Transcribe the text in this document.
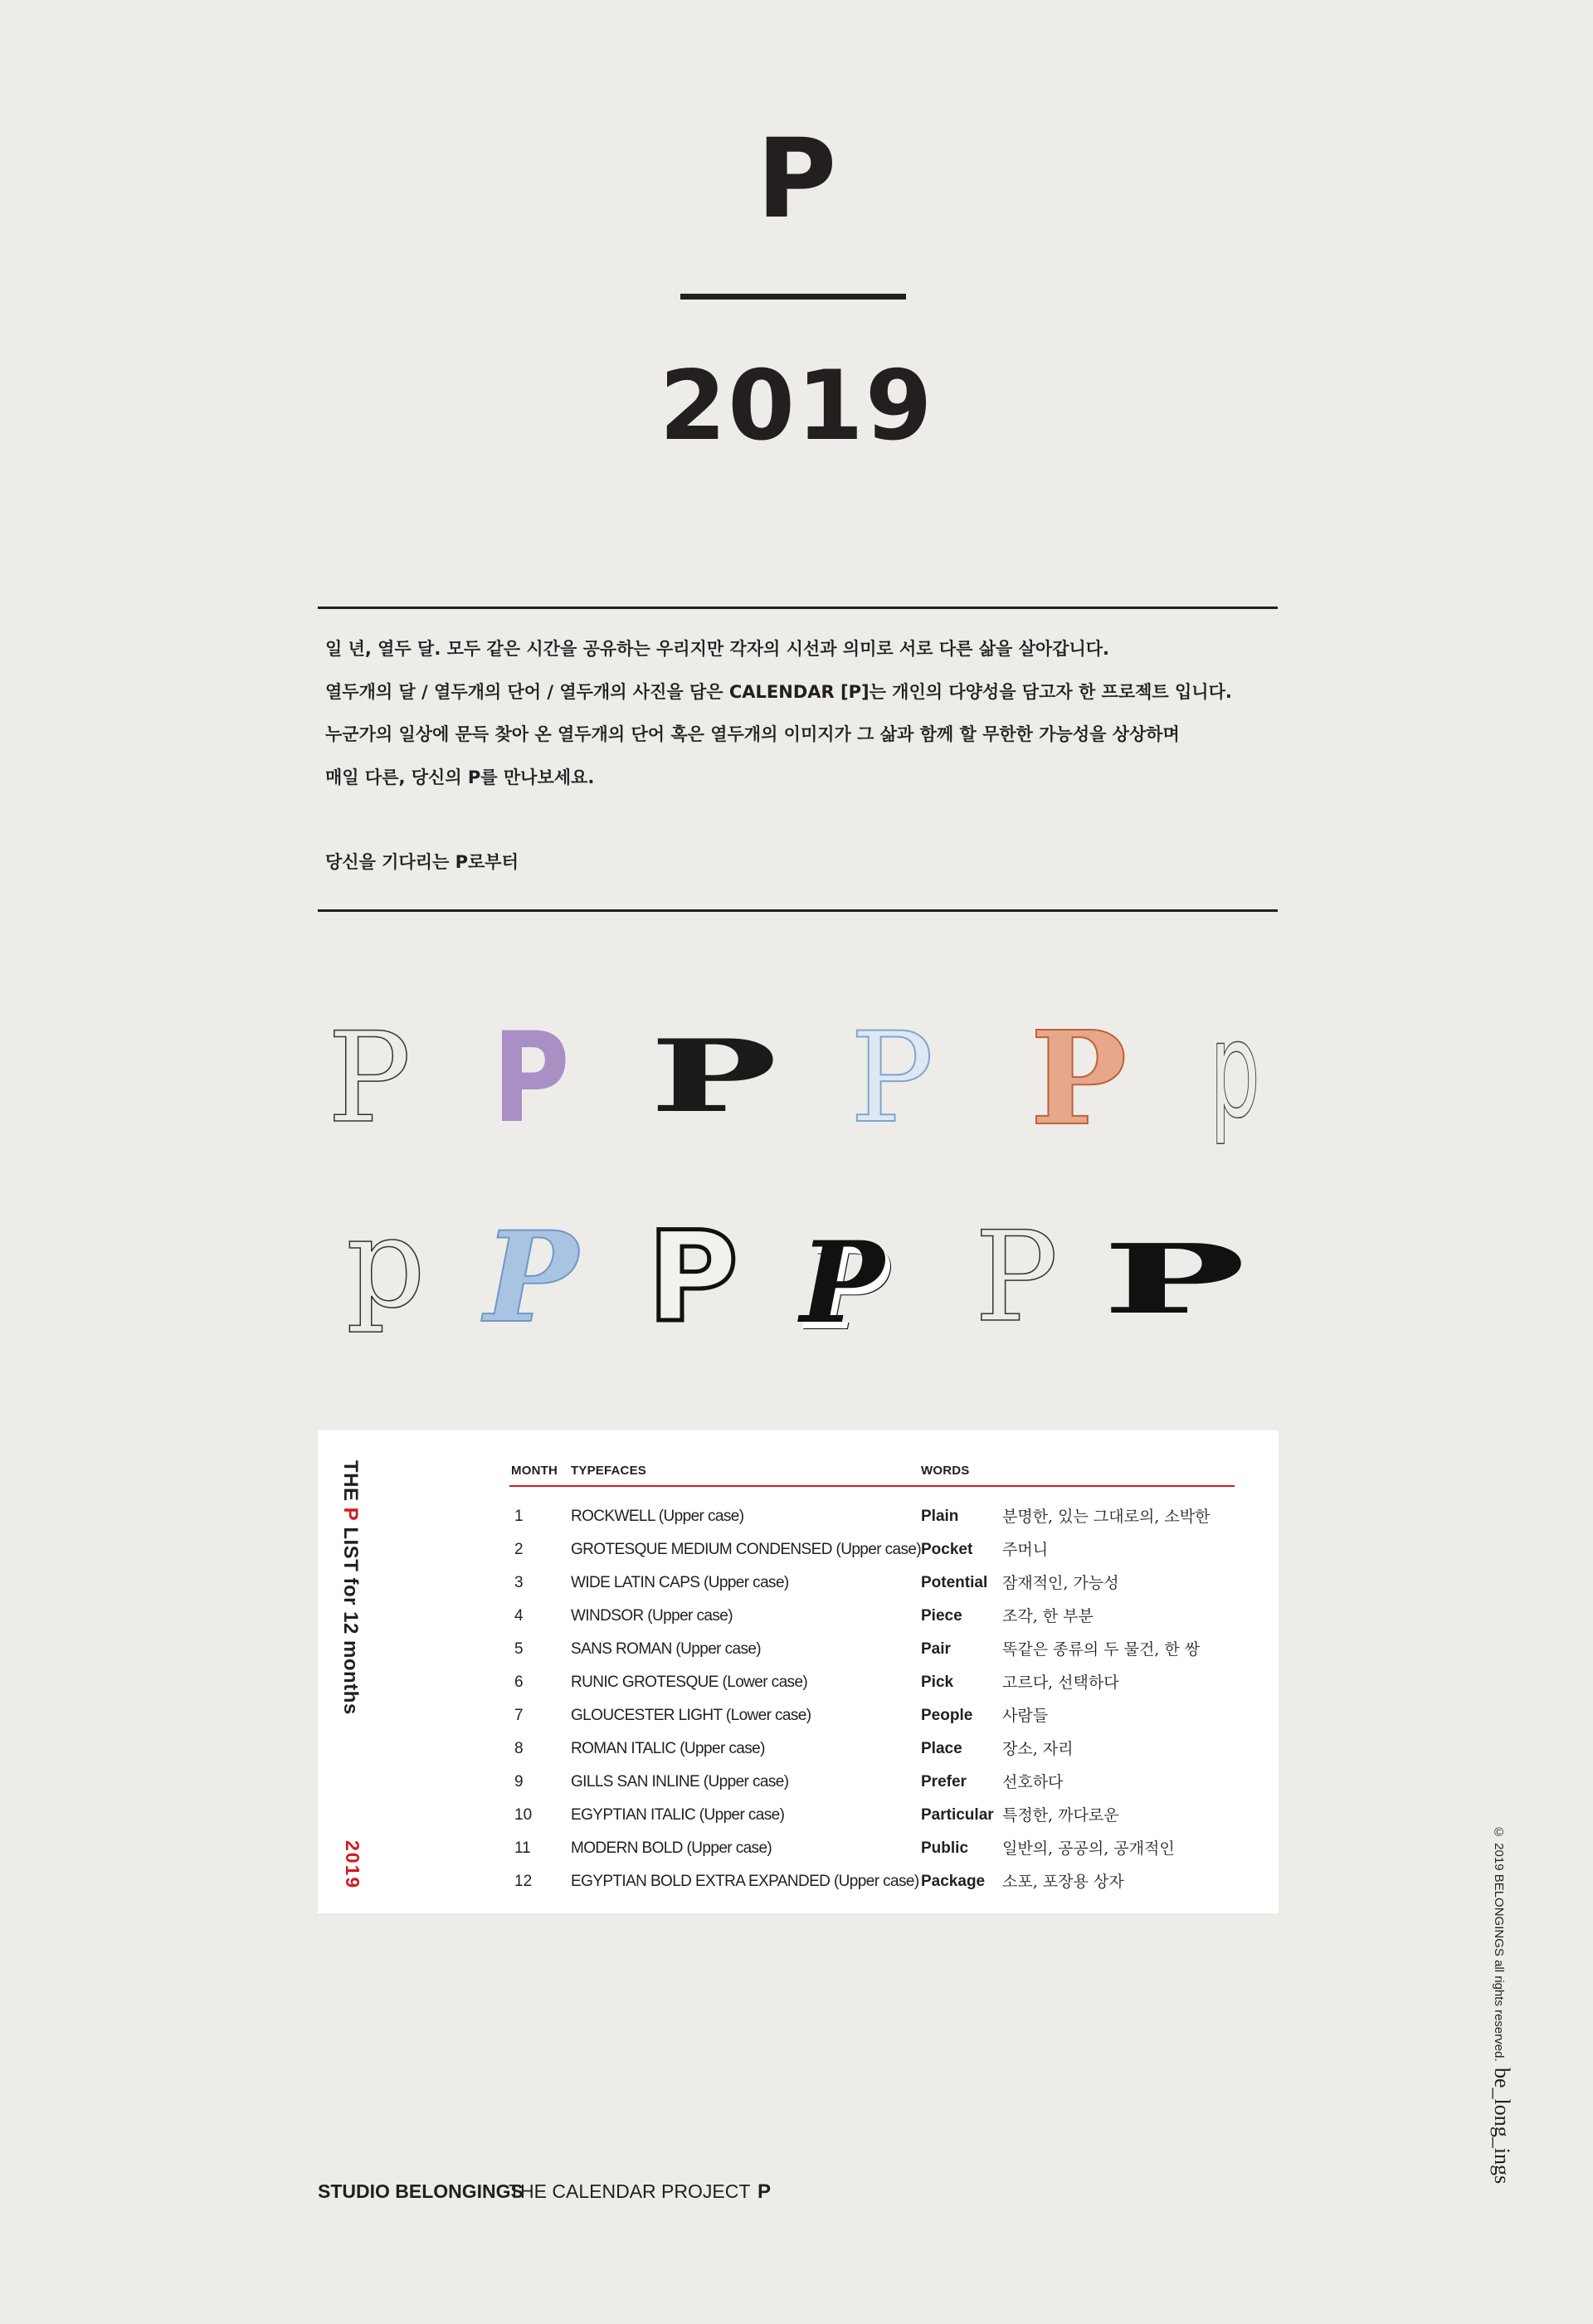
P
2019
일 년, 열두 달. 모두 같은 시간을 공유하는 우리지만 각자의 시선과 의미로 서로 다른 삶을 살아갑니다.
열두개의 달 / 열두개의 단어 / 열두개의 사진을 담은 CALENDAR [P]는 개인의 다양성을 담고자 한 프로젝트 입니다.
누군가의 일상에 문득 찾아 온 열두개의 단어 혹은 열두개의 이미지가 그 삶과 함께 할 무한한 가능성을 상상하며
매일 다른, 당신의 P를 만나보세요.
당신을 기다리는 P로부터
P P P P P p
p P P P P P
THE P LIST for 12 months
2019
MONTH TYPEFACES	WORDS
1	ROCKWELL (Upper case)	Plain	분명한, 있는 그대로의, 소박한
2	GROTESQUE MEDIUM CONDENSED (Upper case) Pocket 주머니
3	WIDE LATIN CAPS (Upper case)	Potential 잠재적인, 가능성
4	WINDSOR (Upper case)	Piece	조각, 한 부분
5	SANS ROMAN (Upper case)	Pair	똑같은 종류의 두 물건, 한 쌍
6	RUNIC GROTESQUE (Lower case)	Pick	고르다, 선택하다
7	GLOUCESTER LIGHT (Lower case)	People 사람들
8	ROMAN ITALIC (Upper case)	Place	장소, 자리
9	GILLS SAN INLINE (Upper case)	Prefer 선호하다
10 EGYPTIAN ITALIC (Upper case)	Particular 특정한, 까다로운
11	MODERN BOLD (Upper case)	Public 일반의, 공공의, 공개적인
12 EGYPTIAN BOLD EXTRA EXPANDED (Upper case) Package 소포, 포장용 상자	© 2019 BELONGINGS all rights reserved.
be_long_ings
STUDIO BELONGINGS
THE CALENDAR PROJECT P
